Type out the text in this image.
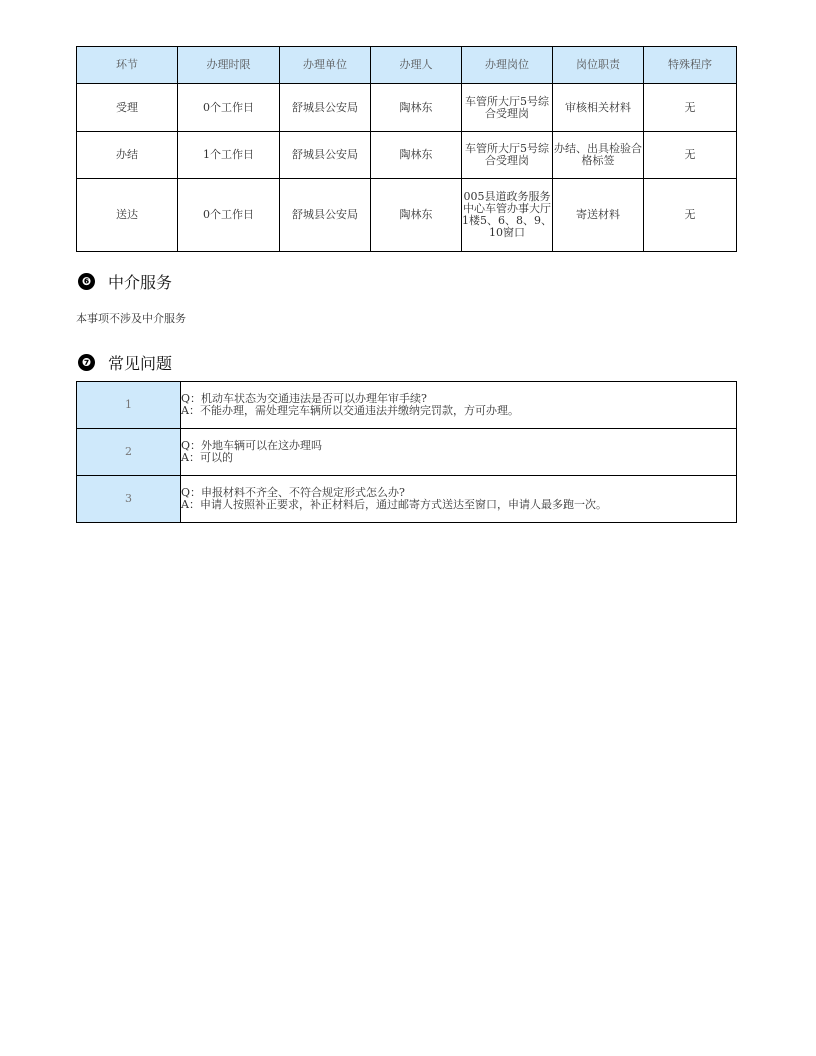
环节	办理时限	办理单位	办理人	办理岗位	岗位职责	特殊程序
受理	0个工作日	舒城县公安局	陶林东	车管所大厅5号综合受理岗	审核相关材料	无
办结	1个工作日	舒城县公安局	陶林东	车管所大厅5号综合受理岗	办结、出具检验合格标签	无
送达	0个工作日	舒城县公安局	陶林东	005县道政务服务中心车管办事大厅1楼5、6、8、9、10窗口	寄送材料	无
❻ 中介服务
本事项不涉及中介服务
❼ 常见问题
1	Q：机动车状态为交通违法是否可以办理年审手续?
A：不能办理，需处理完车辆所以交通违法并缴纳完罚款，方可办理。

2	Q：外地车辆可以在这办理吗
A：可以的

3	Q：申报材料不齐全、不符合规定形式怎么办?
A：申请人按照补正要求，补正材料后，通过邮寄方式送达至窗口，申请人最多跑一次。
